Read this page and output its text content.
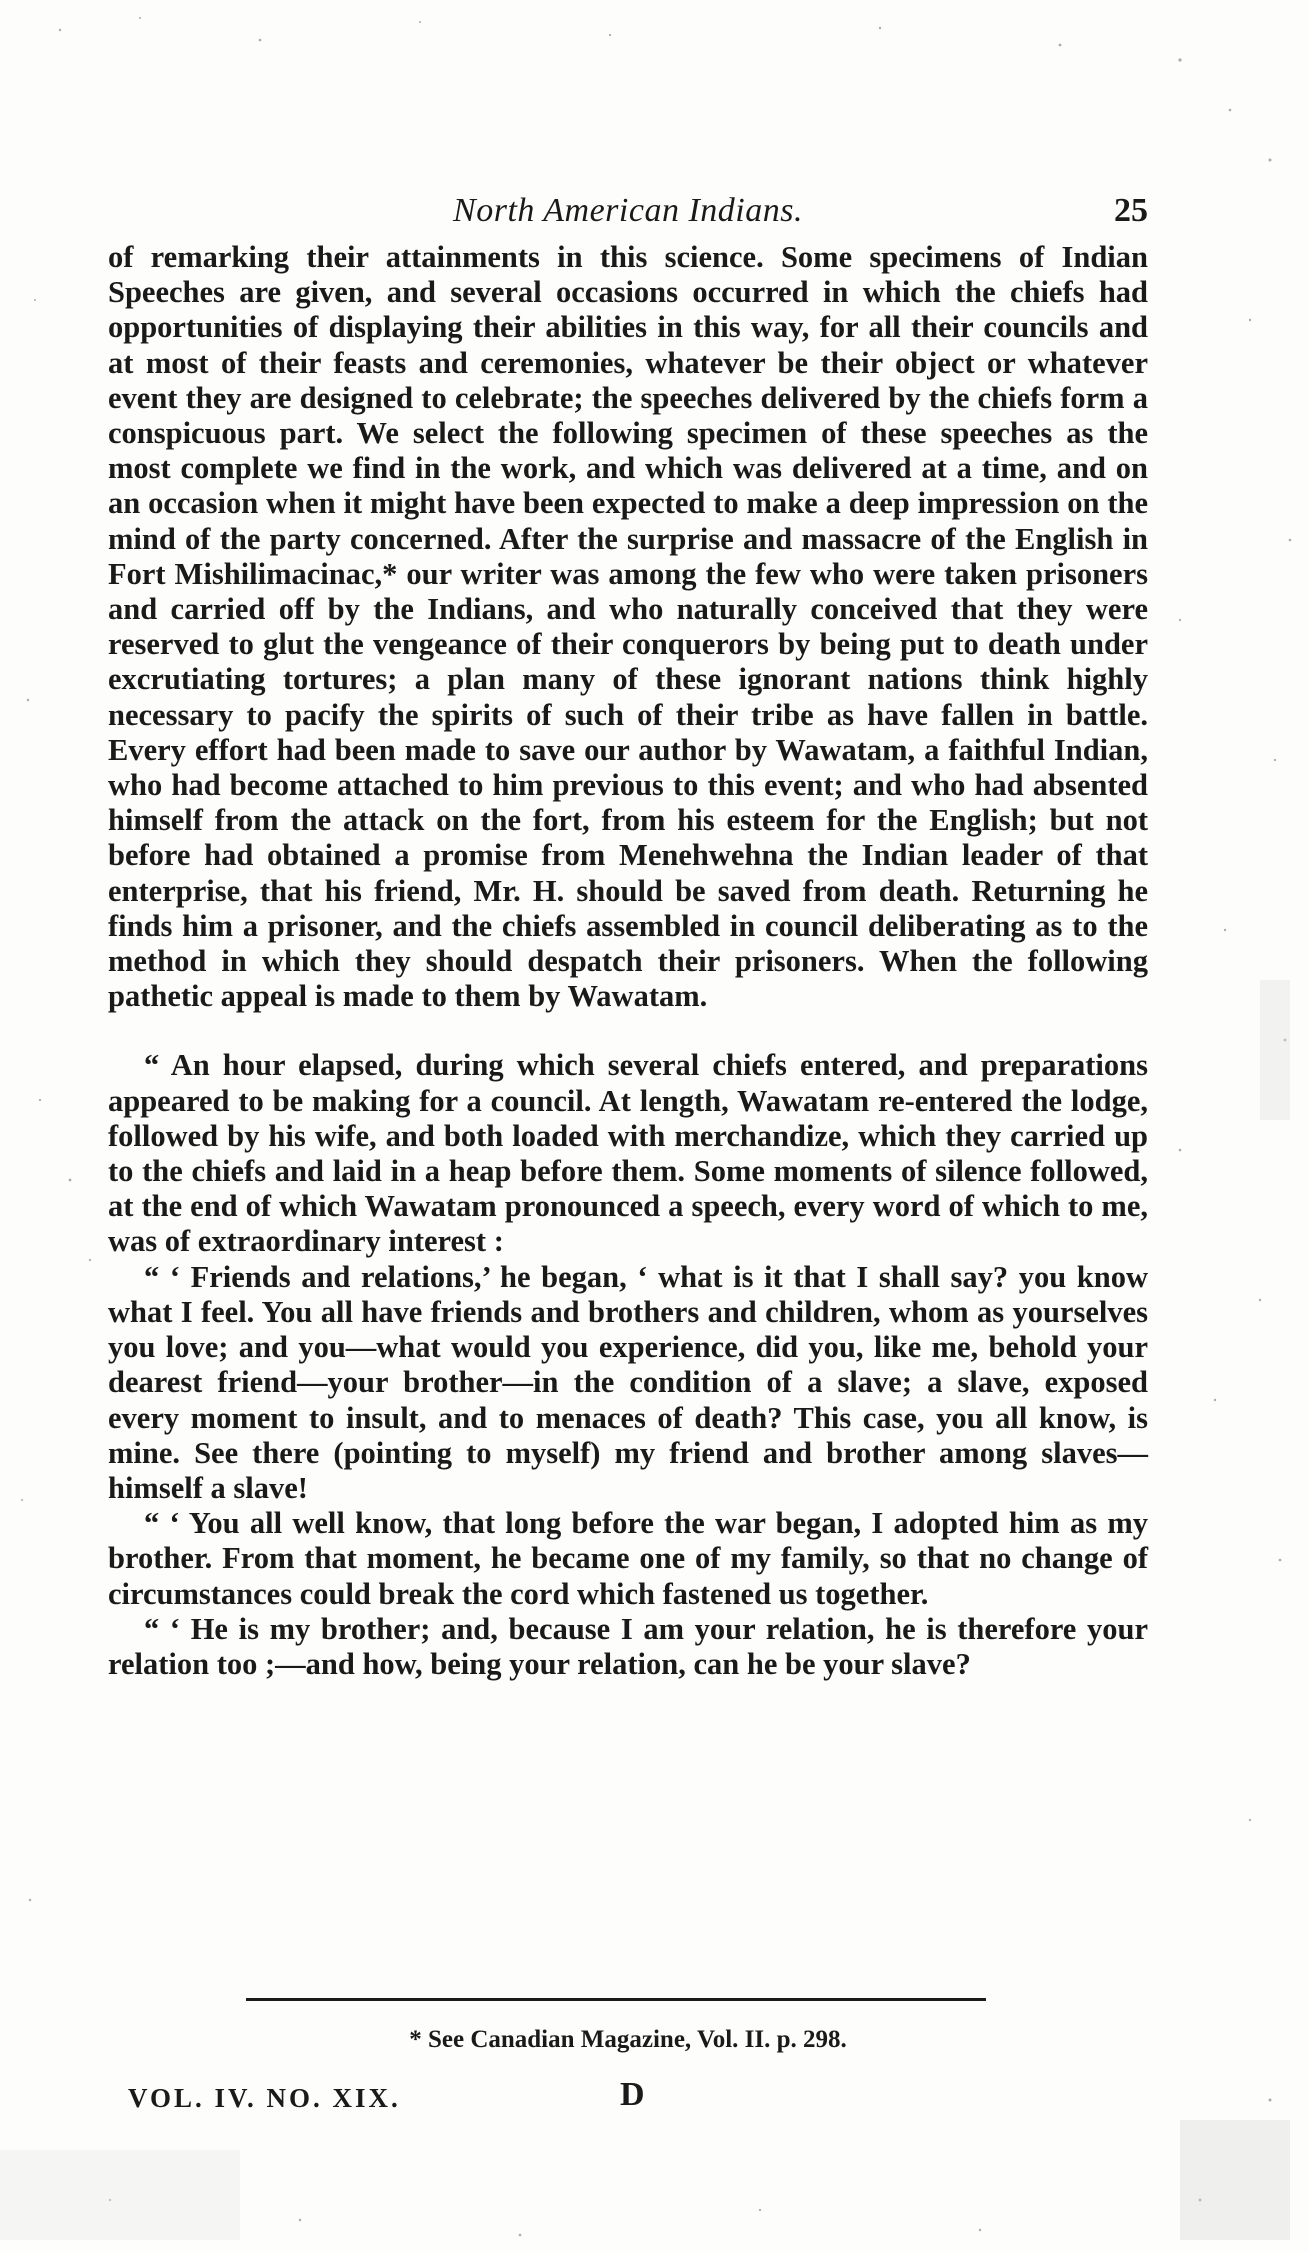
North American Indians.	25

of remarking their attainments in this science. Some specimens of Indian Speeches are given, and several occasions occurred in which the chiefs had opportunities of displaying their abilities in this way, for all their councils and at most of their feasts and ceremonies, whatever be their object or whatever event they are designed to celebrate; the speeches delivered by the chiefs form a conspicuous part. We select the following specimen of these speeches as the most complete we find in the work, and which was delivered at a time, and on an occasion when it might have been expected to make a deep impression on the mind of the party concerned. After the surprise and massacre of the English in Fort Mishilimacinac,* our writer was among the few who were taken prisoners and carried off by the Indians, and who naturally conceived that they were reserved to glut the vengeance of their conquerors by being put to death under excrutiating tortures; a plan many of these ignorant nations think highly necessary to pacify the spirits of such of their tribe as have fallen in battle. Every effort had been made to save our author by Wawatam, a faithful Indian, who had become attached to him previous to this event; and who had absented himself from the attack on the fort, from his esteem for the English; but not before had obtained a promise from Menehwehna the Indian leader of that enterprise, that his friend, Mr. H. should be saved from death. Returning he finds him a prisoner, and the chiefs assembled in council deliberating as to the method in which they should despatch their prisoners. When the following pathetic appeal is made to them by Wawatam.

“ An hour elapsed, during which several chiefs entered, and preparations appeared to be making for a council. At length, Wawatam re-entered the lodge, followed by his wife, and both loaded with merchandize, which they carried up to the chiefs and laid in a heap before them. Some moments of silence followed, at the end of which Wawatam pronounced a speech, every word of which to me, was of extraordinary interest :

“ ‘ Friends and relations,’ he began, ‘ what is it that I shall say? you know what I feel. You all have friends and brothers and children, whom as yourselves you love; and you—what would you experience, did you, like me, behold your dearest friend—your brother—in the condition of a slave; a slave, exposed every moment to insult, and to menaces of death? This case, you all know, is mine. See there (pointing to myself) my friend and brother among slaves—himself a slave!

“ ‘ You all well know, that long before the war began, I adopted him as my brother. From that moment, he became one of my family, so that no change of circumstances could break the cord which fastened us together.

“ ‘ He is my brother; and, because I am your relation, he is therefore your relation too ;—and how, being your relation, can he be your slave?

* See Canadian Magazine, Vol. II. p. 298.
VOL. IV. NO. XIX.	D
